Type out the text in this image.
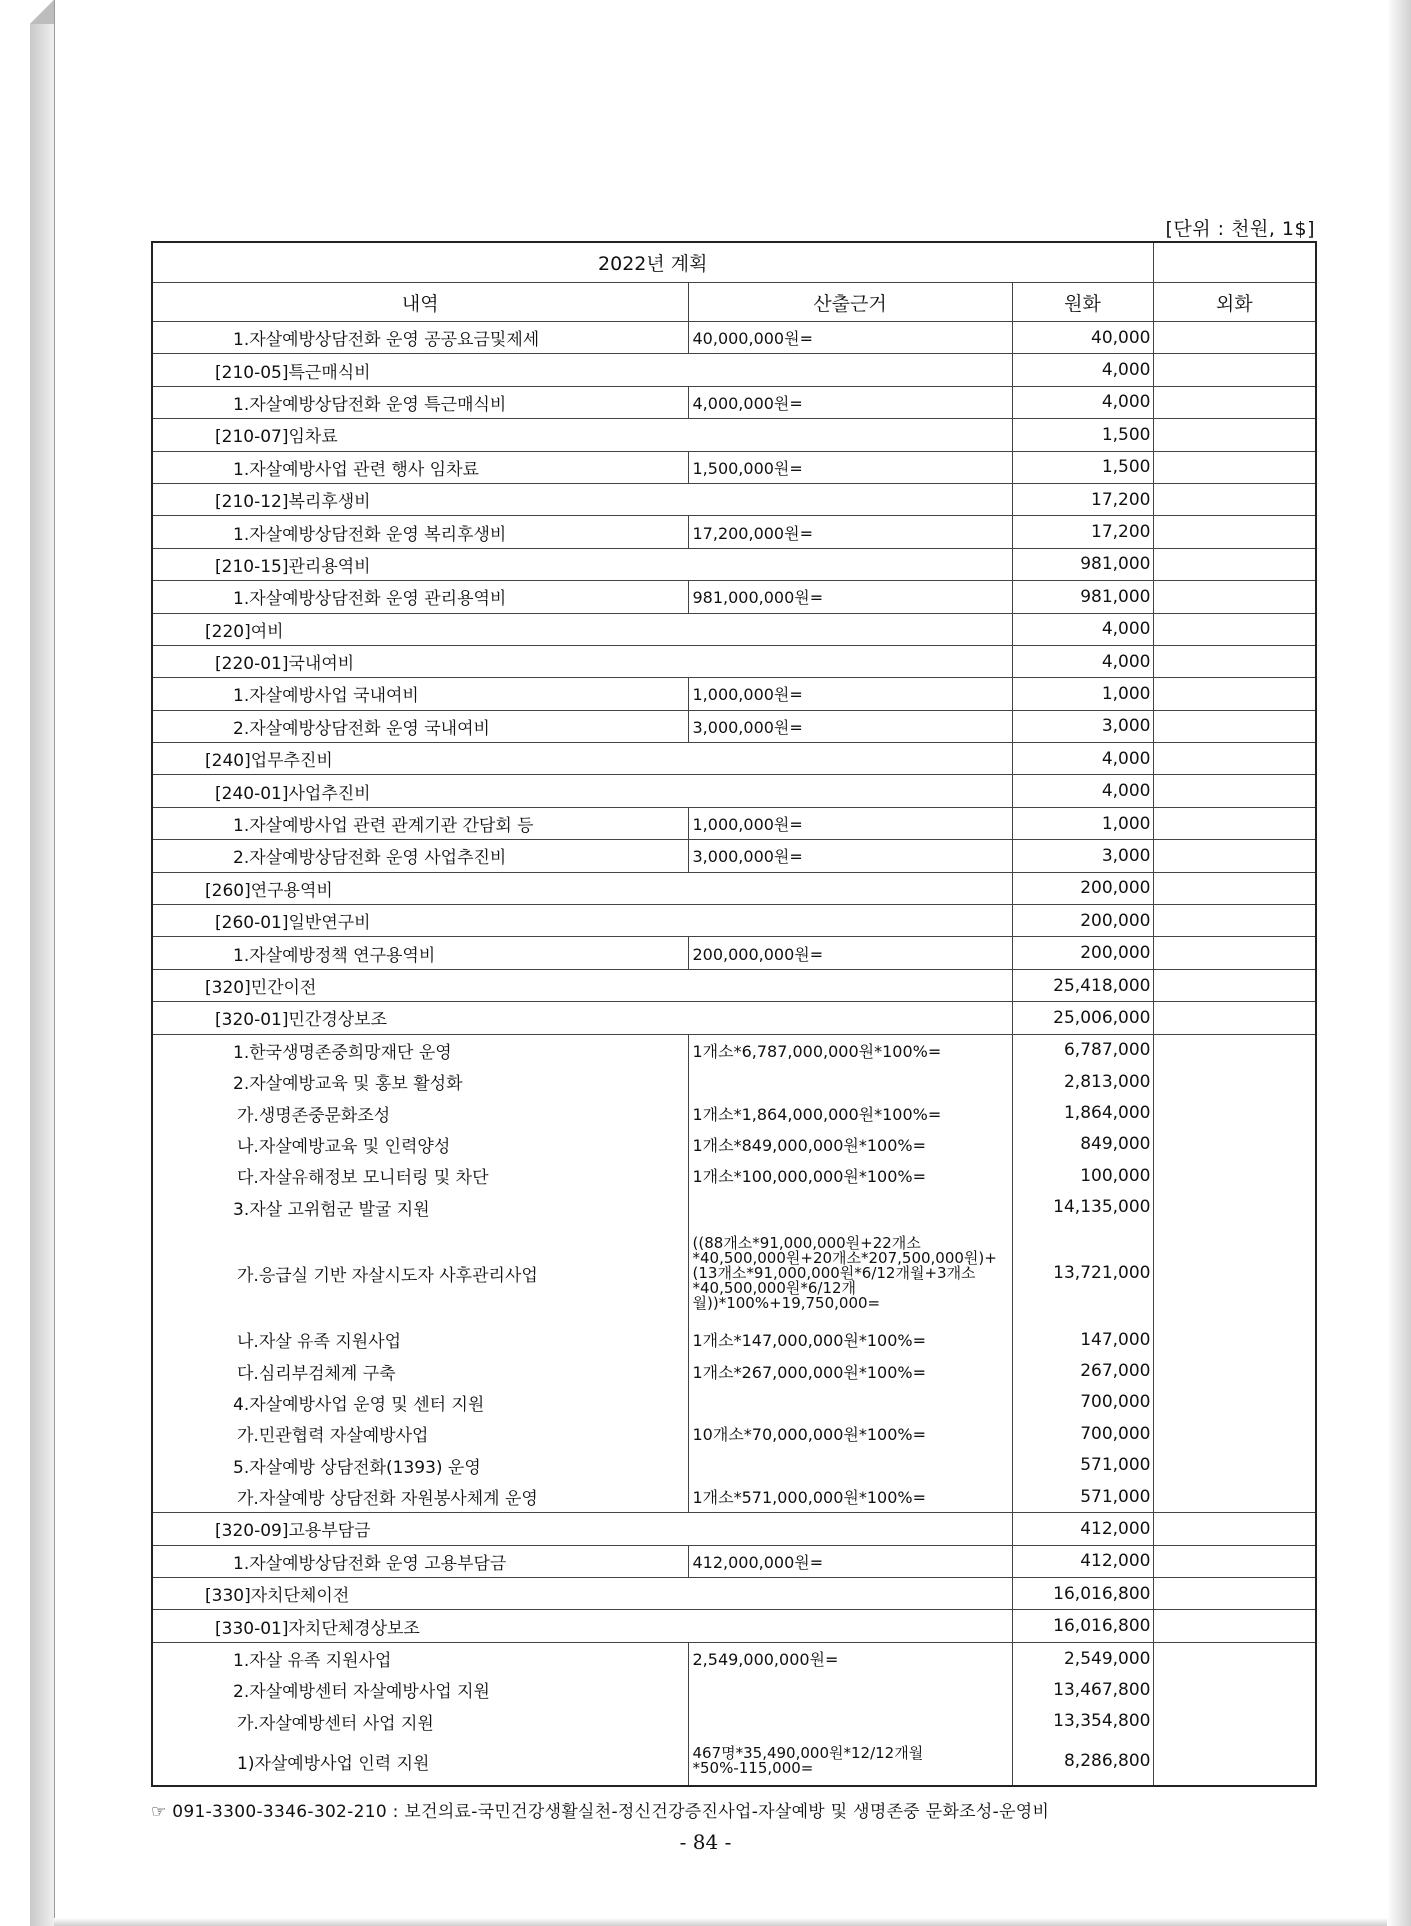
[단위 : 천원, 1$]
2022년 계획			
내역	산출근거	원화	외화
1.자살예방상담전화 운영 공공요금및제세	40,000,000원=	40,000	
[210-05]특근매식비		4,000	
1.자살예방상담전화 운영 특근매식비	4,000,000원=	4,000	
[210-07]임차료		1,500	
1.자살예방사업 관련 행사 임차료	1,500,000원=	1,500	
[210-12]복리후생비		17,200	
1.자살예방상담전화 운영 복리후생비	17,200,000원=	17,200	
[210-15]관리용역비		981,000	
1.자살예방상담전화 운영 관리용역비	981,000,000원=	981,000	
[220]여비		4,000	
[220-01]국내여비		4,000	
1.자살예방사업 국내여비	1,000,000원=	1,000	
2.자살예방상담전화 운영 국내여비	3,000,000원=	3,000	
[240]업무추진비		4,000	
[240-01]사업추진비		4,000	
1.자살예방사업 관련 관계기관 간담회 등	1,000,000원=	1,000	
2.자살예방상담전화 운영 사업추진비	3,000,000원=	3,000	
[260]연구용역비		200,000	
[260-01]일반연구비		200,000	
1.자살예방정책 연구용역비	200,000,000원=	200,000	
[320]민간이전		25,418,000	
[320-01]민간경상보조		25,006,000	
1.한국생명존중희망재단 운영	1개소*6,787,000,000원*100%=	6,787,000	
2.자살예방교육 및 홍보 활성화		2,813,000	
가.생명존중문화조성	1개소*1,864,000,000원*100%=	1,864,000	
나.자살예방교육 및 인력양성	1개소*849,000,000원*100%=	849,000	
다.자살유해정보 모니터링 및 차단	1개소*100,000,000원*100%=	100,000	
3.자살 고위험군 발굴 지원		14,135,000	
가.응급실 기반 자살시도자 사후관리사업	((88개소*91,000,000원+22개소*40,500,000원+20개소*207,500,000원)+(13개소*91,000,000원*6/12개월+3개소*40,500,000원*6/12개월))*100%+19,750,000=	13,721,000	
나.자살 유족 지원사업	1개소*147,000,000원*100%=	147,000	
다.심리부검체계 구축	1개소*267,000,000원*100%=	267,000	
4.자살예방사업 운영 및 센터 지원		700,000	
가.민관협력 자살예방사업	10개소*70,000,000원*100%=	700,000	
5.자살예방 상담전화(1393) 운영		571,000	
가.자살예방 상담전화 자원봉사체계 운영	1개소*571,000,000원*100%=	571,000	
[320-09]고용부담금		412,000	
1.자살예방상담전화 운영 고용부담금	412,000,000원=	412,000	
[330]자치단체이전		16,016,800	
[330-01]자치단체경상보조		16,016,800	
1.자살 유족 지원사업	2,549,000,000원=	2,549,000	
2.자살예방센터 자살예방사업 지원		13,467,800	
가.자살예방센터 사업 지원		13,354,800	
1)자살예방사업 인력 지원	467명*35,490,000원*12/12개월*50%-115,000=	8,286,800	
☞ 091-3300-3346-302-210 : 보건의료-국민건강생활실천-정신건강증진사업-자살예방 및 생명존중 문화조성-운영비
- 84 -
